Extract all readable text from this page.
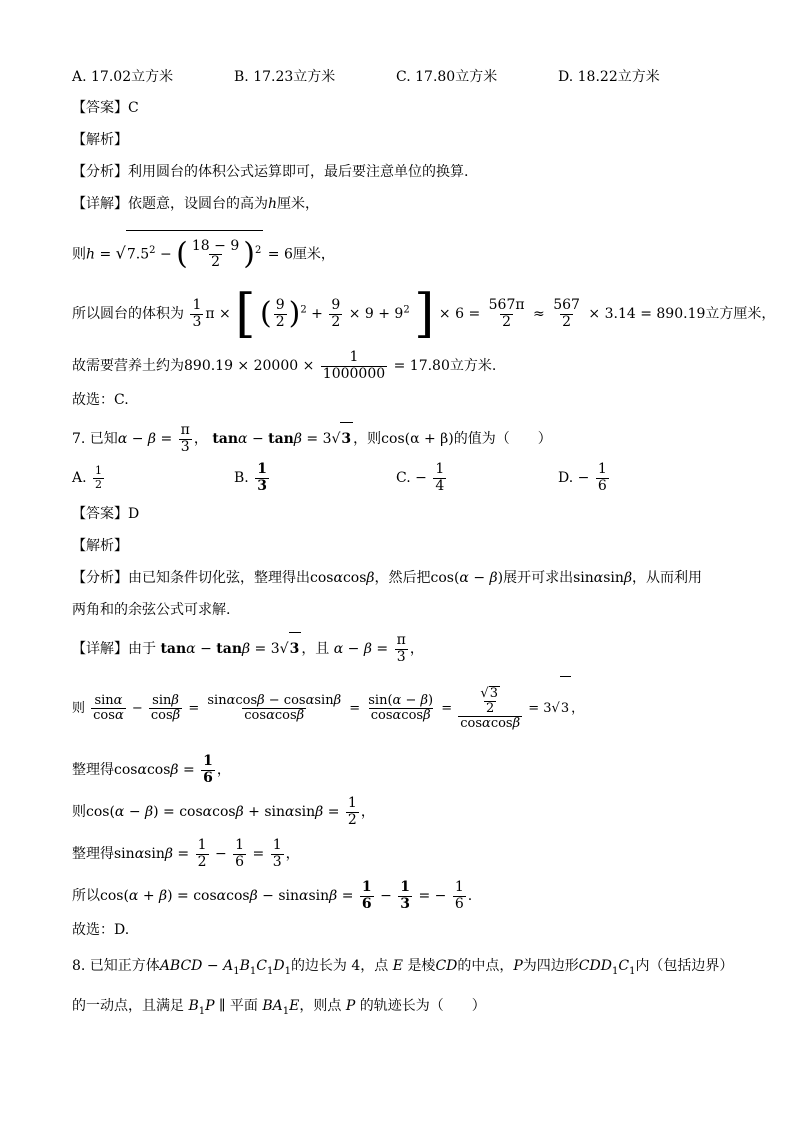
A. 17.02立方米	B. 17.23立方米	C. 17.80立方米	D. 18.22立方米
【答案】C
【解析】
【分析】利用圆台的体积公式运算即可，最后要注意单位的换算.
【详解】依题意，设圆台的高为h厘米，
则$h = √7.5^2$ − ( $\frac{18 - 9}{2} )^2 = 6$厘米，
所以圆台的体积为 $\frac{1}{3}$ π × [ ( $\frac{9}{2} )^2 + \frac{9}{2} \times 9 + 9^2$ ] × $6 = \frac{567\pi}{2} \approx \frac{567}{2} \times 3.14 = 890.19$立方厘米，
故需要营养土约为$890.19 \times 20000 \times \frac{1}{1000000} = 17.80$立方米.
故选：C.
7. 已知$\alpha - \beta = \frac{\pi}{3}$ ， tanα − tanβ = 3√3 ，则cos(α + β)的值为（　　）
A. $\frac{1}{2}$	B. $\frac{1}{3}$	C. − $\frac{1}{4}$	D. − $\frac{1}{6}$
【答案】D
【解析】
【分析】由已知条件切化弦，整理得出cosαcosβ，然后把cos(α − β)展开可求出sinαsinβ，从而利用
两角和的余弦公式可求解.
【详解】由于 tanα − tanβ = 3√3 ，且 $\alpha - \beta = \frac{\pi}{3}$ ，
则 $\frac{\sin\alpha}{\cos\alpha} - \frac{\sin\beta}{\cos\beta} = \frac{\sin\alpha\cos\beta - \cos\alpha\sin\beta}{\cos\alpha\cos\beta} = \frac{\sin(\alpha - \beta)}{\cos\alpha\cos\beta} = \frac{\frac{√3}{2}}{\cos\alpha\cos\beta} = 3√3$ ，
整理得$\cos\alpha\cos\beta = \frac{1}{6}$ ，
则$\cos(\alpha - \beta) = \cos\alpha\cos\beta + \sin\alpha\sin\beta = \frac{1}{2}$ ，
整理得$\sin\alpha\sin\beta = \frac{1}{2} - \frac{1}{6} = \frac{1}{3}$ ，
所以$\cos(\alpha + \beta) = \cos\alpha\cos\beta - \sin\alpha\sin\beta = \frac{1}{6} - \frac{1}{3}$ = − $\frac{1}{6}$ .
故选：D.
8. 已知正方体ABCD − $A_1B_1C_1D_1$的边长为 4，点 E 是棱CD的中点，P为四边形$CDD_1C_1$内（包括边界）
的一动点，且满足 $B_1P$ ∥ 平面 $BA_1E$，则点 P 的轨迹长为（　　）
